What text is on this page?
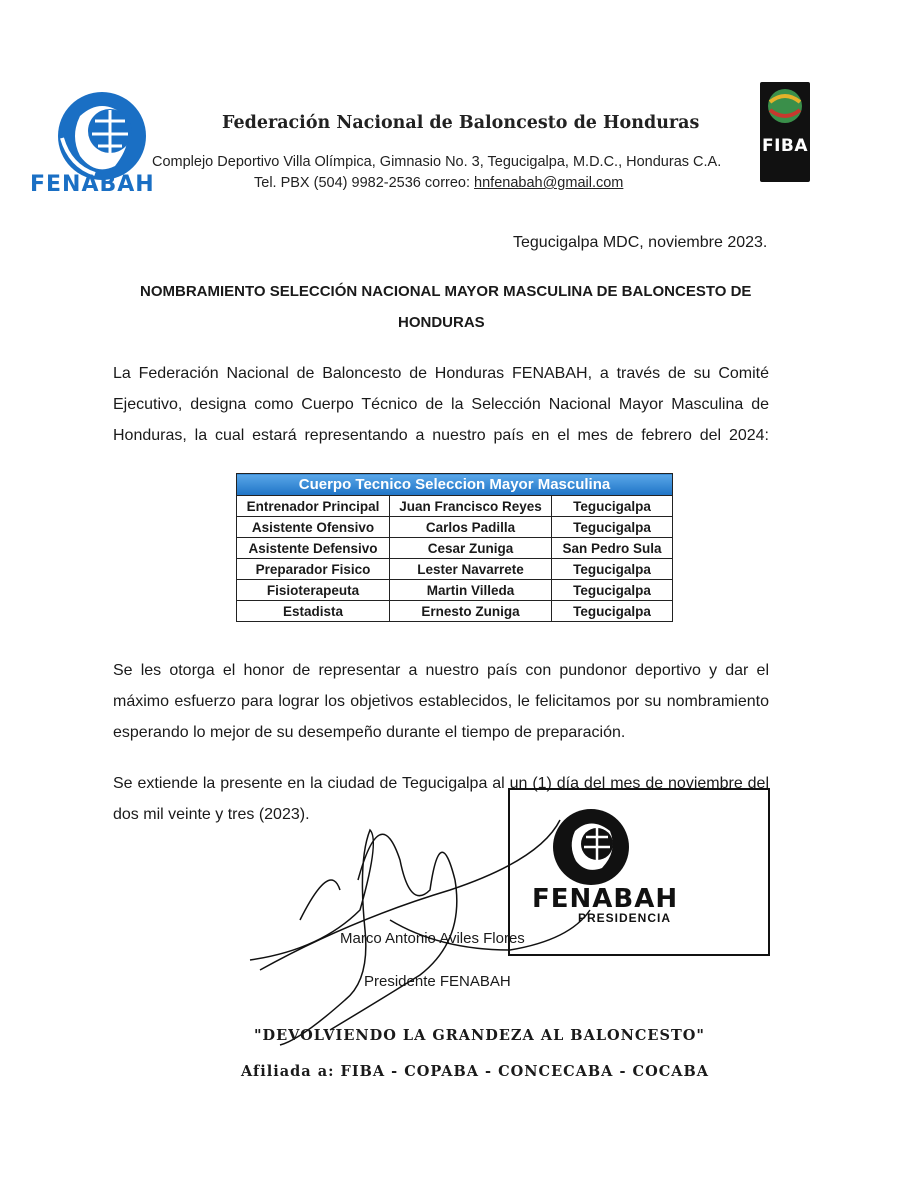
FENABAH
Federación Nacional de Baloncesto de Honduras
Complejo Deportivo Villa Olímpica, Gimnasio No. 3, Tegucigalpa, M.D.C., Honduras C.A.
Tel. PBX (504) 9982-2536 correo: hnfenabah@gmail.com
FIBA
Tegucigalpa MDC, noviembre 2023.
NOMBRAMIENTO SELECCIÓN NACIONAL MAYOR MASCULINA DE BALONCESTO DE
HONDURAS
La Federación Nacional de Baloncesto de Honduras FENABAH, a través de su Comité
Ejecutivo, designa como Cuerpo Técnico de la Selección Nacional Mayor Masculina de
Honduras, la cual estará representando a nuestro país en el mes de febrero del 2024:
Cuerpo Tecnico Seleccion Mayor Masculina		
Entrenador Principal	Juan Francisco Reyes	Tegucigalpa
Asistente Ofensivo	Carlos Padilla	Tegucigalpa
Asistente Defensivo	Cesar Zuniga	San Pedro Sula
Preparador Fisico	Lester Navarrete	Tegucigalpa
Fisioterapeuta	Martin Villeda	Tegucigalpa
Estadista	Ernesto Zuniga	Tegucigalpa
Se les otorga el honor de representar a nuestro país con pundonor deportivo y dar el
máximo esfuerzo para lograr los objetivos establecidos, le felicitamos por su nombramiento
esperando lo mejor de su desempeño durante el tiempo de preparación.
Se extiende la presente en la ciudad de Tegucigalpa al un (1) día del mes de noviembre del
dos mil veinte y tres (2023).
FENABAH
PRESIDENCIA
Marco Antonio Aviles Flores
Presidente FENABAH
"DEVOLVIENDO LA GRANDEZA AL BALONCESTO"
Afiliada a: FIBA - COPABA - CONCECABA - COCABA
